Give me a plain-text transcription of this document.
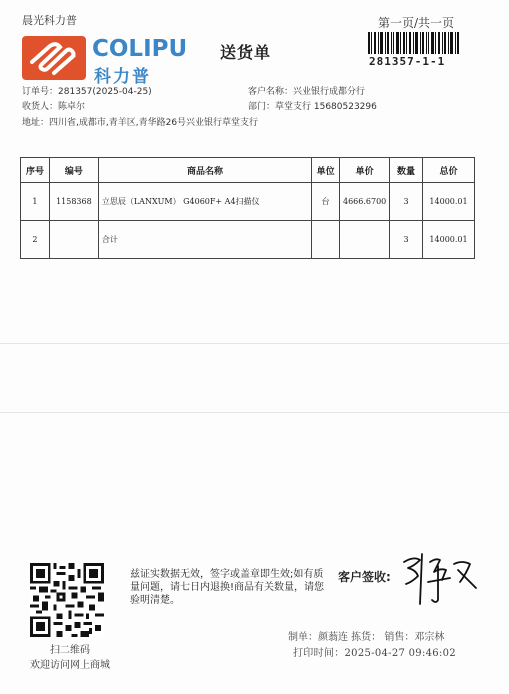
晨光科力普	第一页/共一页
COLIPU
科力普
送货单	281357-1-1
订单号：281357(2025-04-25)	客户名称：兴业银行成都分行
收货人：陈卓尔	部门：草堂支行 15680523296
地址：四川省,成都市,青羊区,青华路26号兴业银行草堂支行
序号	编号	商品名称	单位	单价	数量	总价
1	1158368	立思辰（LANXUM） G4060F+ A4扫描仪	台	4666.6700	3	14000.01
2		合计			3	14000.01
扫二维码
欢迎访问网上商城
兹证实数据无效，签字或盖章即生效;如有质量问题，请七日内退换!商品有关数量，请您验明清楚。
客户签收:
制单：颜蓊连 拣货： 销售：邓宗林
打印时间：2025-04-27 09:46:02
